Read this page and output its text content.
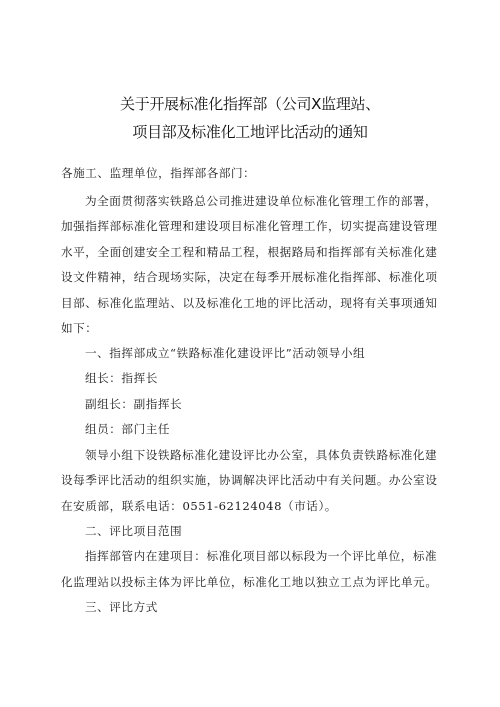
关于开展标准化指挥部（公司X监理站、
项目部及标准化工地评比活动的通知
各施工、监理单位，指挥部各部门：
为全面贯彻落实铁路总公司推进建设单位标准化管理工作的部署，
加强指挥部标准化管理和建设项目标准化管理工作，切实提高建设管理
水平，全面创建安全工程和精品工程，根据路局和指挥部有关标准化建
设文件精神，结合现场实际，决定在每季开展标准化指挥部、标准化项
目部、标准化监理站、以及标准化工地的评比活动，现将有关事项通知
如下：
一、指挥部成立“铁路标准化建设评比”活动领导小组
组长：指挥长
副组长：副指挥长
组员：部门主任
领导小组下设铁路标准化建设评比办公室，具体负责铁路标准化建
设每季评比活动的组织实施，协调解决评比活动中有关问题。办公室设
在安质部，联系电话：0551-62124048（市话）。
二、评比项目范围
指挥部管内在建项目：标准化项目部以标段为一个评比单位，标准
化监理站以投标主体为评比单位，标准化工地以独立工点为评比单元。
三、评比方式
